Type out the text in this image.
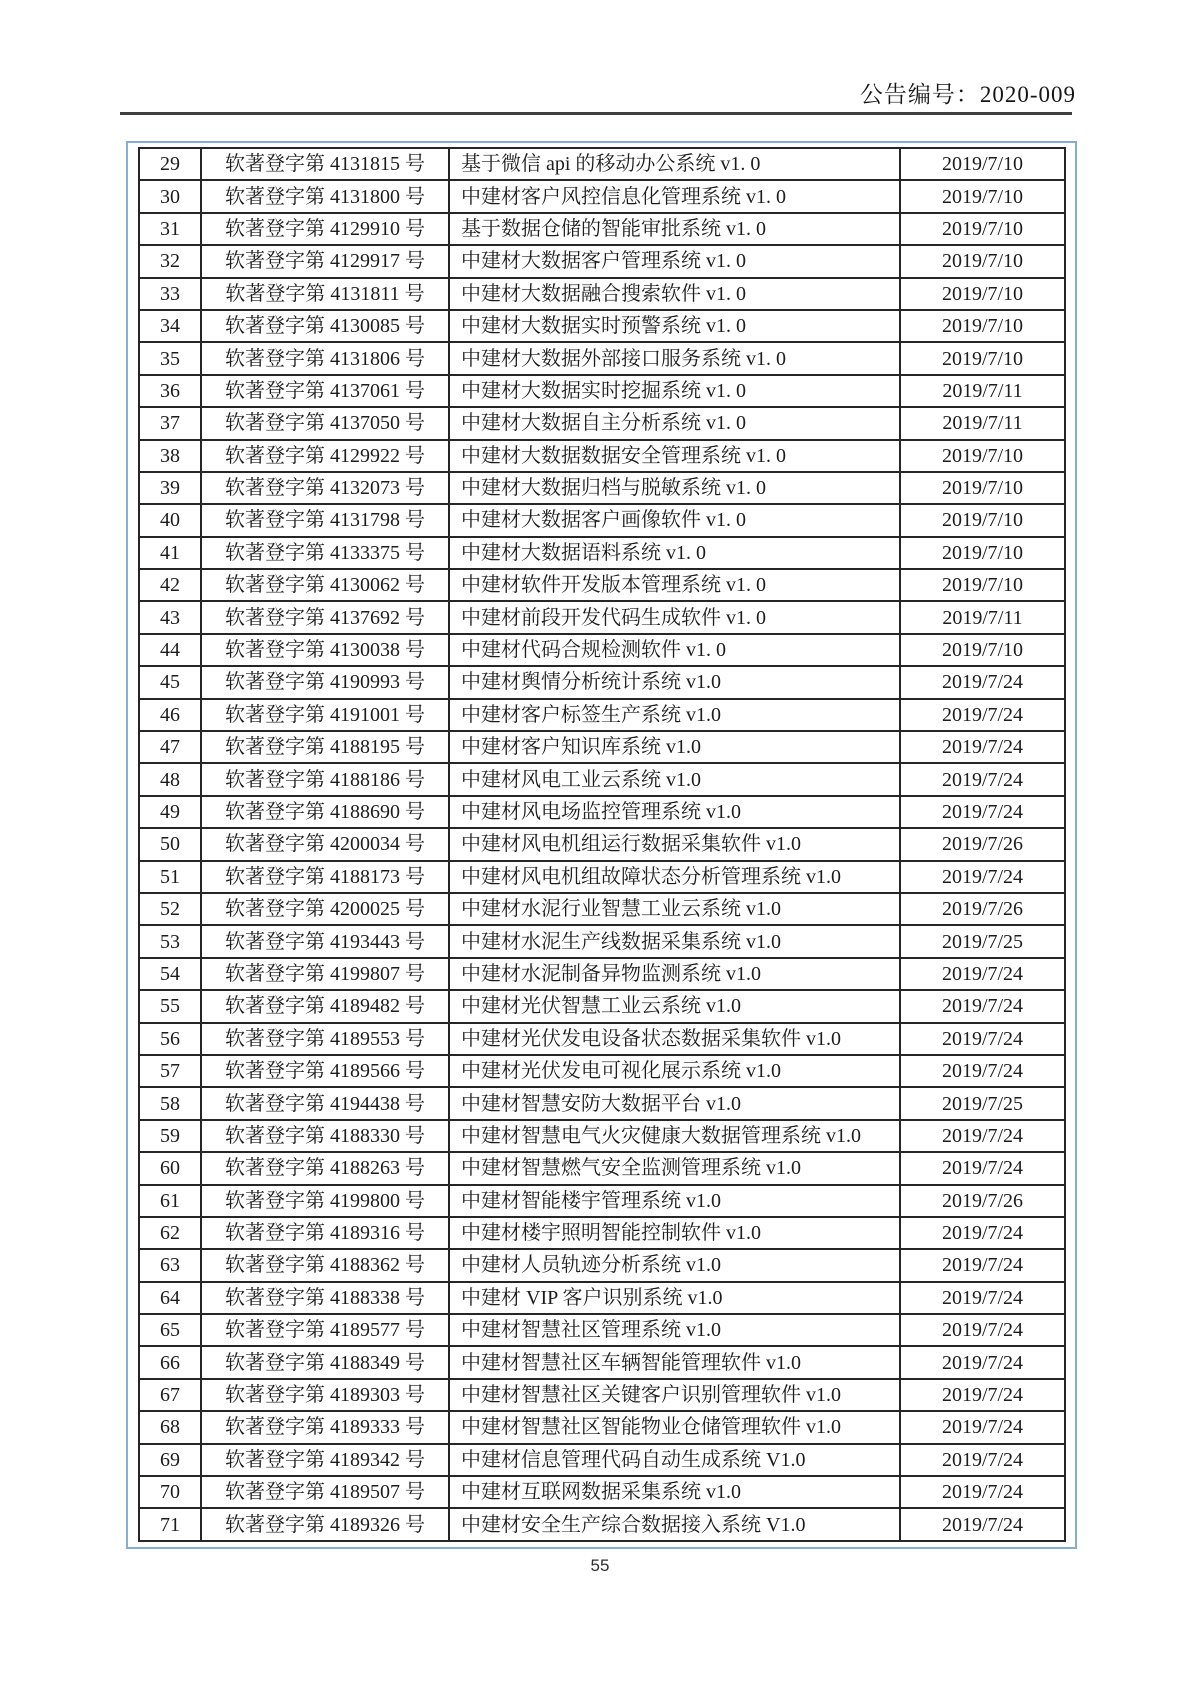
公告编号：2020-009
29	软著登字第 4131815 号	基于微信 api 的移动办公系统 v1. 0	2019/7/10
30	软著登字第 4131800 号	中建材客户风控信息化管理系统 v1. 0	2019/7/10
31	软著登字第 4129910 号	基于数据仓储的智能审批系统 v1. 0	2019/7/10
32	软著登字第 4129917 号	中建材大数据客户管理系统 v1. 0	2019/7/10
33	软著登字第 4131811 号	中建材大数据融合搜索软件 v1. 0	2019/7/10
34	软著登字第 4130085 号	中建材大数据实时预警系统 v1. 0	2019/7/10
35	软著登字第 4131806 号	中建材大数据外部接口服务系统 v1. 0	2019/7/10
36	软著登字第 4137061 号	中建材大数据实时挖掘系统 v1. 0	2019/7/11
37	软著登字第 4137050 号	中建材大数据自主分析系统 v1. 0	2019/7/11
38	软著登字第 4129922 号	中建材大数据数据安全管理系统 v1. 0	2019/7/10
39	软著登字第 4132073 号	中建材大数据归档与脱敏系统 v1. 0	2019/7/10
40	软著登字第 4131798 号	中建材大数据客户画像软件 v1. 0	2019/7/10
41	软著登字第 4133375 号	中建材大数据语料系统 v1. 0	2019/7/10
42	软著登字第 4130062 号	中建材软件开发版本管理系统 v1. 0	2019/7/10
43	软著登字第 4137692 号	中建材前段开发代码生成软件 v1. 0	2019/7/11
44	软著登字第 4130038 号	中建材代码合规检测软件 v1. 0	2019/7/10
45	软著登字第 4190993 号	中建材舆情分析统计系统 v1.0	2019/7/24
46	软著登字第 4191001 号	中建材客户标签生产系统 v1.0	2019/7/24
47	软著登字第 4188195 号	中建材客户知识库系统 v1.0	2019/7/24
48	软著登字第 4188186 号	中建材风电工业云系统 v1.0	2019/7/24
49	软著登字第 4188690 号	中建材风电场监控管理系统 v1.0	2019/7/24
50	软著登字第 4200034 号	中建材风电机组运行数据采集软件 v1.0	2019/7/26
51	软著登字第 4188173 号	中建材风电机组故障状态分析管理系统 v1.0	2019/7/24
52	软著登字第 4200025 号	中建材水泥行业智慧工业云系统 v1.0	2019/7/26
53	软著登字第 4193443 号	中建材水泥生产线数据采集系统 v1.0	2019/7/25
54	软著登字第 4199807 号	中建材水泥制备异物监测系统 v1.0	2019/7/24
55	软著登字第 4189482 号	中建材光伏智慧工业云系统 v1.0	2019/7/24
56	软著登字第 4189553 号	中建材光伏发电设备状态数据采集软件 v1.0	2019/7/24
57	软著登字第 4189566 号	中建材光伏发电可视化展示系统 v1.0	2019/7/24
58	软著登字第 4194438 号	中建材智慧安防大数据平台 v1.0	2019/7/25
59	软著登字第 4188330 号	中建材智慧电气火灾健康大数据管理系统 v1.0	2019/7/24
60	软著登字第 4188263 号	中建材智慧燃气安全监测管理系统 v1.0	2019/7/24
61	软著登字第 4199800 号	中建材智能楼宇管理系统 v1.0	2019/7/26
62	软著登字第 4189316 号	中建材楼宇照明智能控制软件 v1.0	2019/7/24
63	软著登字第 4188362 号	中建材人员轨迹分析系统 v1.0	2019/7/24
64	软著登字第 4188338 号	中建材 VIP 客户识别系统 v1.0	2019/7/24
65	软著登字第 4189577 号	中建材智慧社区管理系统 v1.0	2019/7/24
66	软著登字第 4188349 号	中建材智慧社区车辆智能管理软件 v1.0	2019/7/24
67	软著登字第 4189303 号	中建材智慧社区关键客户识别管理软件 v1.0	2019/7/24
68	软著登字第 4189333 号	中建材智慧社区智能物业仓储管理软件 v1.0	2019/7/24
69	软著登字第 4189342 号	中建材信息管理代码自动生成系统 V1.0	2019/7/24
70	软著登字第 4189507 号	中建材互联网数据采集系统 v1.0	2019/7/24
71	软著登字第 4189326 号	中建材安全生产综合数据接入系统 V1.0	2019/7/24
55
